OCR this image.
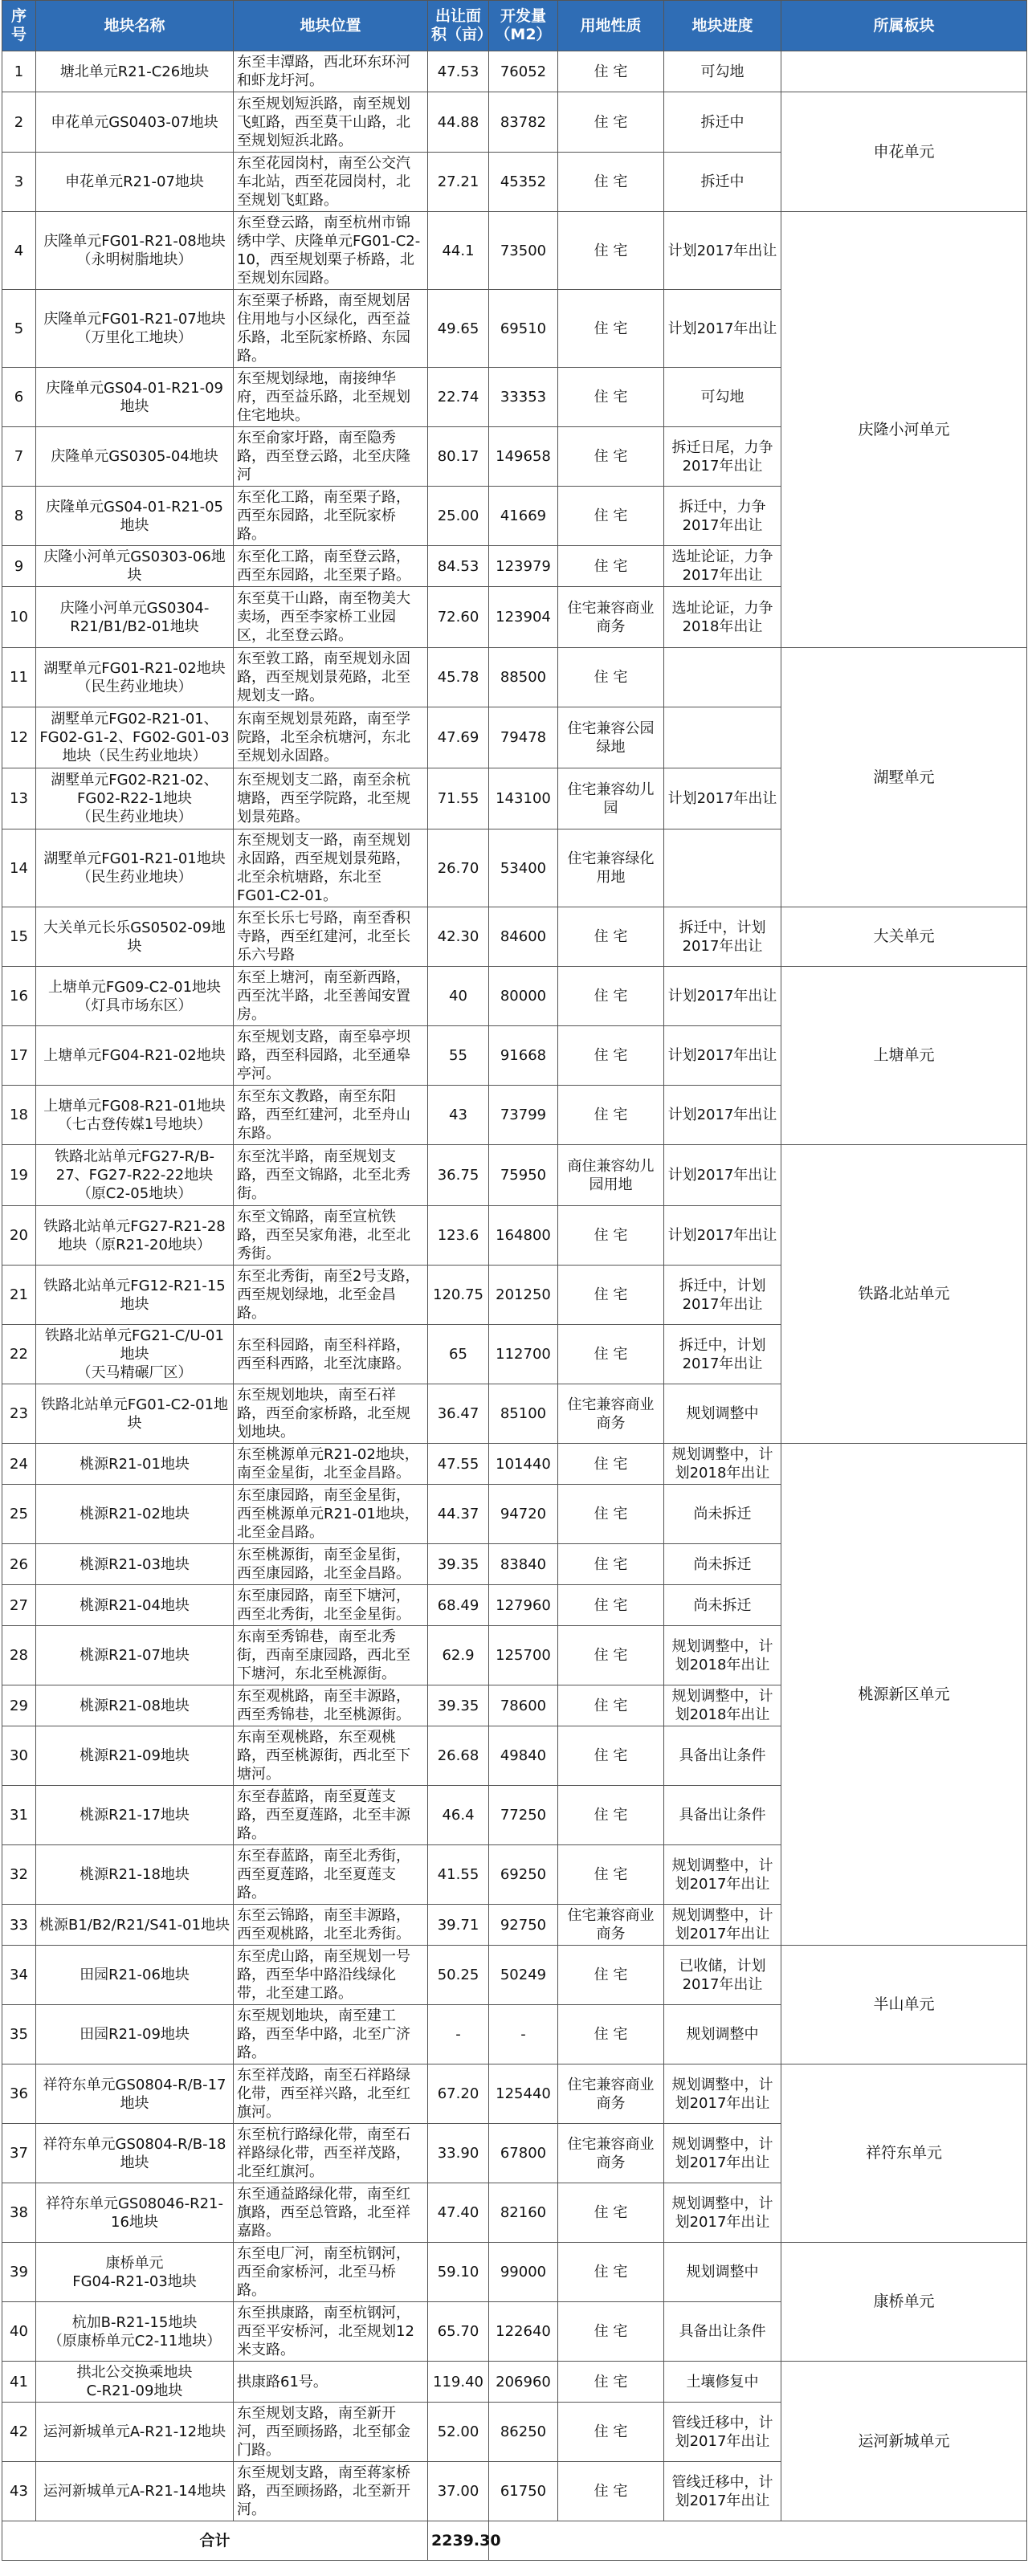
序号	地块名称	地块位置	出让面积（亩）	开发量（M2）	用地性质	地块进度	所属板块
1	塘北单元R21-C26地块	东至丰潭路，西北环东环河和虾龙圩河。	47.53	76052	住 宅	可勾地	
2	申花单元GS0403-07地块	东至规划短浜路，南至规划飞虹路，西至莫干山路，北至规划短浜北路。	44.88	83782	住 宅	拆迁中	申花单元
3	申花单元R21-07地块	东至花园岗村，南至公交汽车北站，西至花园岗村，北至规划飞虹路。	27.21	45352	住 宅	拆迁中	
4	庆隆单元FG01-R21-08地块
（永明树脂地块）	东至登云路，南至杭州市锦绣中学、庆隆单元FG01-C2-10，西至规划栗子桥路，北至规划东园路。	44.1	73500	住 宅	计划2017年出让	庆隆小河单元
5	庆隆单元FG01-R21-07地块
（万里化工地块）	东至栗子桥路，南至规划居住用地与小区绿化，西至益乐路，北至阮家桥路、东园路。	49.65	69510	住 宅	计划2017年出让	
6	庆隆单元GS04-01-R21-09地块	东至规划绿地，南接绅华府，西至益乐路，北至规划住宅地块。	22.74	33353	住 宅	可勾地	
7	庆隆单元GS0305-04地块	东至俞家圩路，南至隐秀路，西至登云路，北至庆隆河	80.17	149658	住 宅	拆迁日尾，力争2017年出让	
8	庆隆单元GS04-01-R21-05地块	东至化工路，南至栗子路，西至东园路，北至阮家桥路。	25.00	41669	住 宅	拆迁中，力争2017年出让	
9	庆隆小河单元GS0303-06地块	东至化工路，南至登云路，西至东园路，北至栗子路。	84.53	123979	住 宅	选址论证，力争2017年出让	
10	庆隆小河单元GS0304-R21/B1/B2-01地块	东至莫干山路，南至物美大卖场，西至李家桥工业园区，北至登云路。	72.60	123904	住宅兼容商业商务	选址论证，力争2018年出让	
11	湖墅单元FG01-R21-02地块
（民生药业地块）	东至敦工路，南至规划永固路，西至规划景苑路，北至规划支一路。	45.78	88500	住 宅		湖墅单元
12	湖墅单元FG02-R21-01、FG02-G1-2、FG02-G01-03地块（民生药业地块）	东南至规划景苑路，南至学院路，北至余杭塘河，东北至规划永固路。	47.69	79478	住宅兼容公园绿地		
13	湖墅单元FG02-R21-02、FG02-R22-1地块
（民生药业地块）	东至规划支二路，南至余杭塘路，西至学院路，北至规划景苑路。	71.55	143100	住宅兼容幼儿园	计划2017年出让	
14	湖墅单元FG01-R21-01地块
（民生药业地块）	东至规划支一路，南至规划永固路，西至规划景苑路，北至余杭塘路，东北至FG01-C2-01。	26.70	53400	住宅兼容绿化用地		
15	大关单元长乐GS0502-09地块	东至长乐七号路，南至香积寺路，西至红建河，北至长乐六号路	42.30	84600	住 宅	拆迁中，计划2017年出让	大关单元
16	上塘单元FG09-C2-01地块
（灯具市场东区）	东至上塘河，南至新西路，西至沈半路，北至善闻安置房。	40	80000	住 宅	计划2017年出让	上塘单元
17	上塘单元FG04-R21-02地块	东至规划支路，南至皋亭坝路，西至科园路，北至通皋亭河。	55	91668	住 宅	计划2017年出让	
18	上塘单元FG08-R21-01地块（七古登传媒1号地块）	东至东文教路，南至东阳路，西至红建河，北至舟山东路。	43	73799	住 宅	计划2017年出让	
19	铁路北站单元FG27-R/B-27、FG27-R22-22地块
（原C2-05地块）	东至沈半路，南至规划支路，西至文锦路，北至北秀街。	36.75	75950	商住兼容幼儿园用地	计划2017年出让	铁路北站单元
20	铁路北站单元FG27-R21-28地块（原R21-20地块）	东至文锦路，南至宣杭铁路，西至吴家角港，北至北秀街。	123.6	164800	住 宅	计划2017年出让	
21	铁路北站单元FG12-R21-15地块	东至北秀街，南至2号支路，西至规划绿地，北至金昌路。	120.75	201250	住 宅	拆迁中，计划2017年出让	
22	铁路北站单元FG21-C/U-01地块
（天马精碾厂区）	东至科园路，南至科祥路，西至科西路，北至沈康路。	65	112700	住 宅	拆迁中，计划2017年出让	
23	铁路北站单元FG01-C2-01地块	东至规划地块，南至石祥路，西至俞家桥路，北至规划地块。	36.47	85100	住宅兼容商业商务	规划调整中	
24	桃源R21-01地块	东至桃源单元R21-02地块，南至金星街，北至金昌路。	47.55	101440	住 宅	规划调整中，计划2018年出让	桃源新区单元
25	桃源R21-02地块	东至康园路，南至金星街，西至桃源单元R21-01地块，北至金昌路。	44.37	94720	住 宅	尚未拆迁	
26	桃源R21-03地块	东至桃源街，南至金星街，西至康园路，北至金昌路。	39.35	83840	住 宅	尚未拆迁	
27	桃源R21-04地块	东至康园路，南至下塘河，西至北秀街，北至金星街。	68.49	127960	住 宅	尚未拆迁	
28	桃源R21-07地块	东南至秀锦巷，南至北秀街，西南至康园路，西北至下塘河，东北至桃源街。	62.9	125700	住 宅	规划调整中，计划2018年出让	
29	桃源R21-08地块	东至观桃路，南至丰源路，西至秀锦巷，北至桃源街。	39.35	78600	住 宅	规划调整中，计划2018年出让	
30	桃源R21-09地块	东南至观桃路，东至观桃路，西至桃源街，西北至下塘河。	26.68	49840	住 宅	具备出让条件	
31	桃源R21-17地块	东至春蓝路，南至夏莲支路，西至夏莲路，北至丰源路。	46.4	77250	住 宅	具备出让条件	
32	桃源R21-18地块	东至春蓝路，南至北秀街，西至夏莲路，北至夏莲支路。	41.55	69250	住 宅	规划调整中，计划2017年出让	
33	桃源B1/B2/R21/S41-01地块	东至云锦路，南至丰源路，西至观桃路，北至北秀街。	39.71	92750	住宅兼容商业商务	规划调整中，计划2017年出让	
34	田园R21-06地块	东至虎山路，南至规划一号路，西至华中路沿线绿化带，北至建工路。	50.25	50249	住 宅	已收储，计划2017年出让	半山单元
35	田园R21-09地块	东至规划地块，南至建工路，西至华中路，北至广济路。	-	-	住 宅	规划调整中	
36	祥符东单元GS0804-R/B-17地块	东至祥茂路，南至石祥路绿化带，西至祥兴路，北至红旗河。	67.20	125440	住宅兼容商业商务	规划调整中，计划2017年出让	祥符东单元
37	祥符东单元GS0804-R/B-18地块	东至杭行路绿化带，南至石祥路绿化带，西至祥茂路，北至红旗河。	33.90	67800	住宅兼容商业商务	规划调整中，计划2017年出让	
38	祥符东单元GS08046-R21-16地块	东至通益路绿化带，南至红旗路，西至总管路，北至祥嘉路。	47.40	82160	住 宅	规划调整中，计划2017年出让	
39	康桥单元
FG04-R21-03地块	东至电厂河，南至杭钢河，西至俞家桥河，北至马桥路。	59.10	99000	住 宅	规划调整中	康桥单元
40	杭加B-R21-15地块
（原康桥单元C2-11地块）	东至拱康路，南至杭钢河，西至平安桥河，北至规划12米支路。	65.70	122640	住 宅	具备出让条件	
41	拱北公交换乘地块
C-R21-09地块	拱康路61号。	119.40	206960	住 宅	土壤修复中	运河新城单元
42	运河新城单元A-R21-12地块	东至规划支路，南至新开河，西至顾扬路，北至郁金门路。	52.00	86250	住 宅	管线迁移中，计划2017年出让	
43	运河新城单元A-R21-14地块	东至规划支路，南至蒋家桥路，西至顾扬路，北至新开河。	37.00	61750	住 宅	管线迁移中，计划2017年出让	
合计			2239.30				
